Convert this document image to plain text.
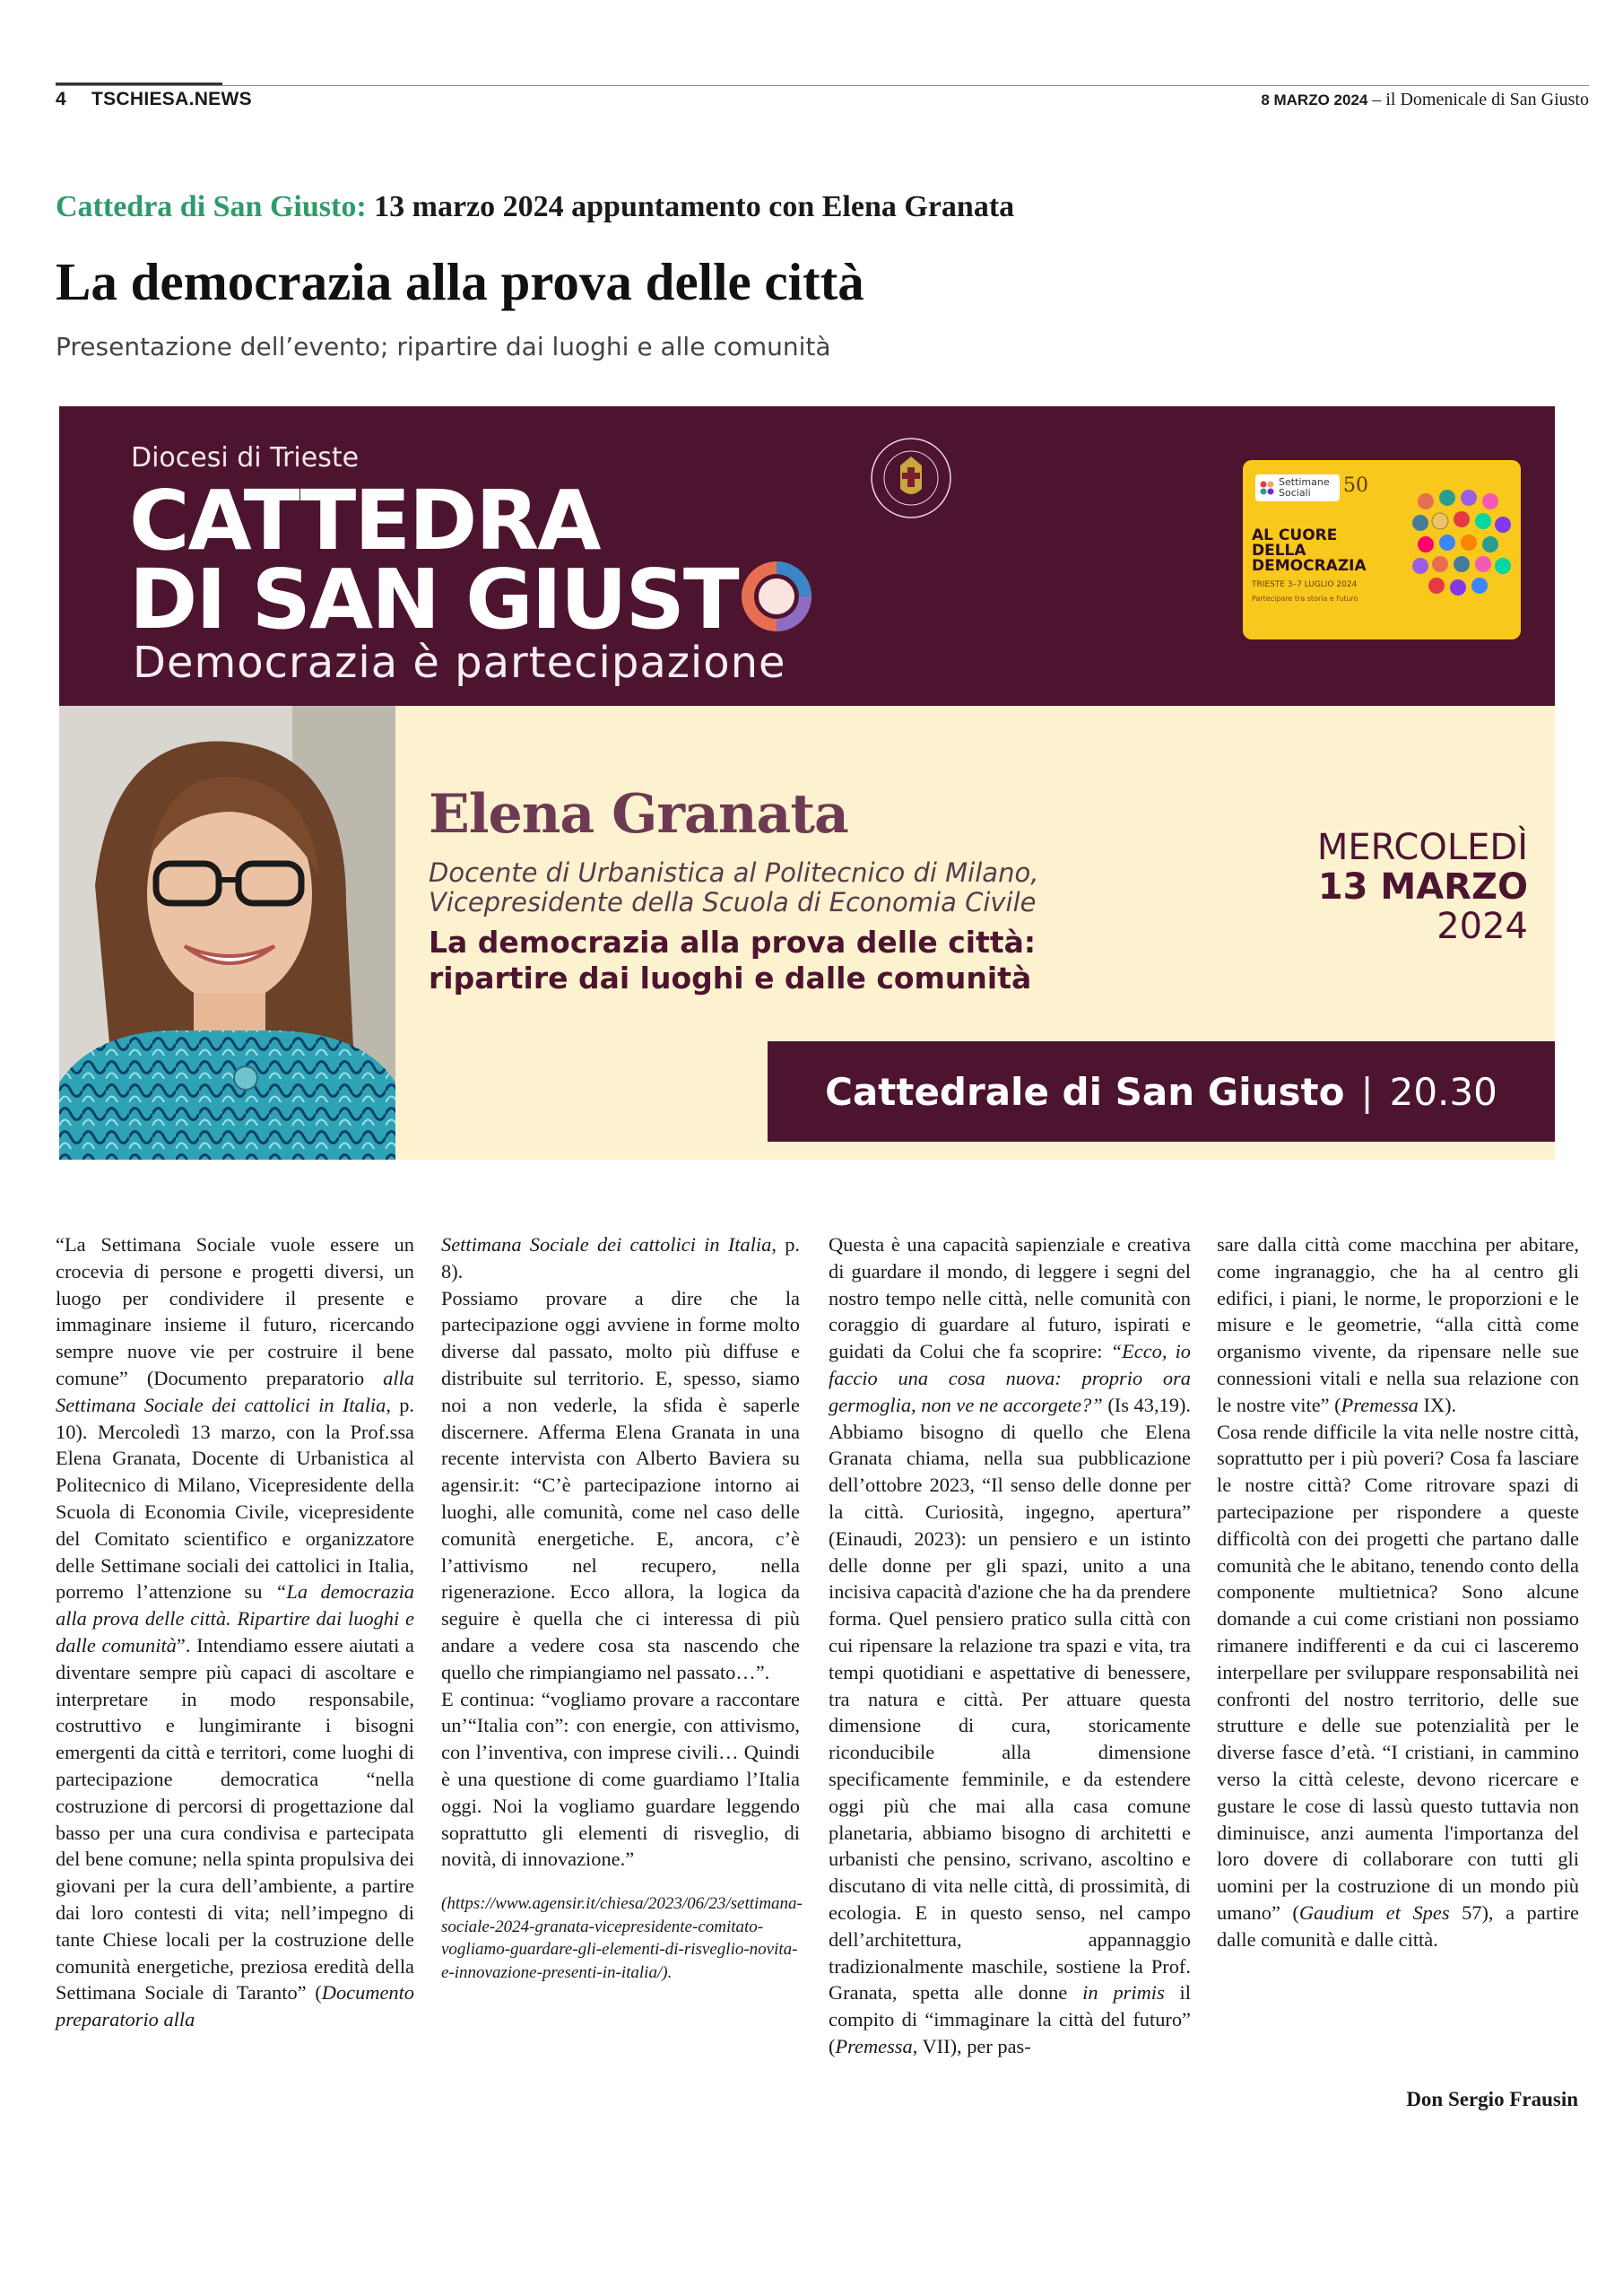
4 TSCHIESA.NEWS	8 MARZO 2024 – il Domenicale di San Giusto
Cattedra di San Giusto: 13 marzo 2024 appuntamento con Elena Granata
La democrazia alla prova delle città
Presentazione dell’evento; ripartire dai luoghi e alle comunità
Diocesi di Trieste
CATTEDRA
DI SAN GIUST
Democrazia è partecipazione
Settimane
Sociali	50
AL CUORE DELLA DEMOCRAZIA
TRIESTE 3–7 LUGLIO 2024
Partecipare tra storia e futuro
Elena Granata
Docente di Urbanistica al Politecnico di Milano,
Vicepresidente della Scuola di Economia Civile
La democrazia alla prova delle città:
ripartire dai luoghi e dalle comunità
MERCOLEDÌ
13 MARZO
2024
Cattedrale di San Giusto | 20.30

“La Settimana Sociale vuole essere un crocevia di persone e progetti diversi, un luogo per condividere il presente e immaginare insieme il futuro, ricercando sempre nuove vie per costruire il bene comune” (Documento preparatorio alla Settimana Sociale dei cattolici in Italia, p. 10). Mercoledì 13 marzo, con la Prof.ssa Elena Granata, Docente di Urbanistica al Politecnico di Milano, Vicepresidente della Scuola di Economia Civile, vicepresidente del Comitato scientifico e organizzatore delle Settimane sociali dei cattolici in Italia, porremo l’attenzione su “La democrazia alla prova delle città. Ripartire dai luoghi e dalle comunità”. Intendiamo essere aiutati a diventare sempre più capaci di ascoltare e interpretare in modo responsabile, costruttivo e lungimirante i bisogni emergenti da città e territori, come luoghi di partecipazione democratica “nella costruzione di percorsi di progettazione dal basso per una cura condivisa e partecipata del bene comune; nella spinta propulsiva dei giovani per la cura dell’ambiente, a partire dai loro contesti di vita; nell’impegno di tante Chiese locali per la costruzione delle comunità energetiche, preziosa eredità della Settimana Sociale di Taranto” (Documento preparatorio alla

Settimana Sociale dei cattolici in Italia, p. 8).

Possiamo provare a dire che la partecipazione oggi avviene in forme molto diverse dal passato, molto più diffuse e distribuite sul territorio. E, spesso, siamo noi a non vederle, la sfida è saperle discernere. Afferma Elena Granata in una recente intervista con Alberto Baviera su agensir.it: “C’è partecipazione intorno ai luoghi, alle comunità, come nel caso delle comunità energetiche. E, ancora, c’è l’attivismo nel recupero, nella rigenerazione. Ecco allora, la logica da seguire è quella che ci interessa di più andare a vedere cosa sta nascendo che quello che rimpiangiamo nel passato…”.

E continua: “vogliamo provare a raccontare un’“Italia con”: con energie, con attivismo, con l’inventiva, con imprese civili… Quindi è una questione di come guardiamo l’Italia oggi. Noi la vogliamo guardare leggendo soprattutto gli elementi di risveglio, di novità, di innovazione.”

(https://www.agensir.it/chiesa/2023/06/23/settimana-sociale-2024-granata-vicepresidente-comitato-vogliamo-guardare-gli-elementi-di-risveglio-novita-e-innovazione-presenti-in-italia/).

Questa è una capacità sapienziale e creativa di guardare il mondo, di leggere i segni del nostro tempo nelle città, nelle comunità con coraggio di guardare al futuro, ispirati e guidati da Colui che fa scoprire: “Ecco, io faccio una cosa nuova: proprio ora germoglia, non ve ne accorgete?” (Is 43,19). Abbiamo bisogno di quello che Elena Granata chiama, nella sua pubblicazione dell’ottobre 2023, “Il senso delle donne per la città. Curiosità, ingegno, apertura” (Einaudi, 2023): un pensiero e un istinto delle donne per gli spazi, unito a una incisiva capacità d'azione che ha da prendere forma. Quel pensiero pratico sulla città con cui ripensare la relazione tra spazi e vita, tra tempi quotidiani e aspettative di benessere, tra natura e città. Per attuare questa dimensione di cura, storicamente riconducibile alla dimensione specificamente femminile, e da estendere oggi più che mai alla casa comune planetaria, abbiamo bisogno di architetti e urbanisti che pensino, scrivano, ascoltino e discutano di vita nelle città, di prossimità, di ecologia. E in questo senso, nel campo dell’architettura, appannaggio tradizionalmente maschile, sostiene la Prof. Granata, spetta alle donne in primis il compito di “immaginare la città del futuro” (Premessa, VII), per pas-

sare dalla città come macchina per abitare, come ingranaggio, che ha al centro gli edifici, i piani, le norme, le proporzioni e le misure e le geometrie, “alla città come organismo vivente, da ripensare nelle sue connessioni vitali e nella sua relazione con le nostre vite” (Premessa IX).

Cosa rende difficile la vita nelle nostre città, soprattutto per i più poveri? Cosa fa lasciare le nostre città? Come ritrovare spazi di partecipazione per rispondere a queste difficoltà con dei progetti che partano dalle comunità che le abitano, tenendo conto della componente multietnica? Sono alcune domande a cui come cristiani non possiamo rimanere indifferenti e da cui ci lasceremo interpellare per sviluppare responsabilità nei confronti del nostro territorio, delle sue strutture e delle sue potenzialità per le diverse fasce d’età. “I cristiani, in cammino verso la città celeste, devono ricercare e gustare le cose di lassù questo tuttavia non diminuisce, anzi aumenta l'importanza del loro dovere di collaborare con tutti gli uomini per la costruzione di un mondo più umano” (Gaudium et Spes 57), a partire dalle comunità e dalle città.

Don Sergio Frausin
